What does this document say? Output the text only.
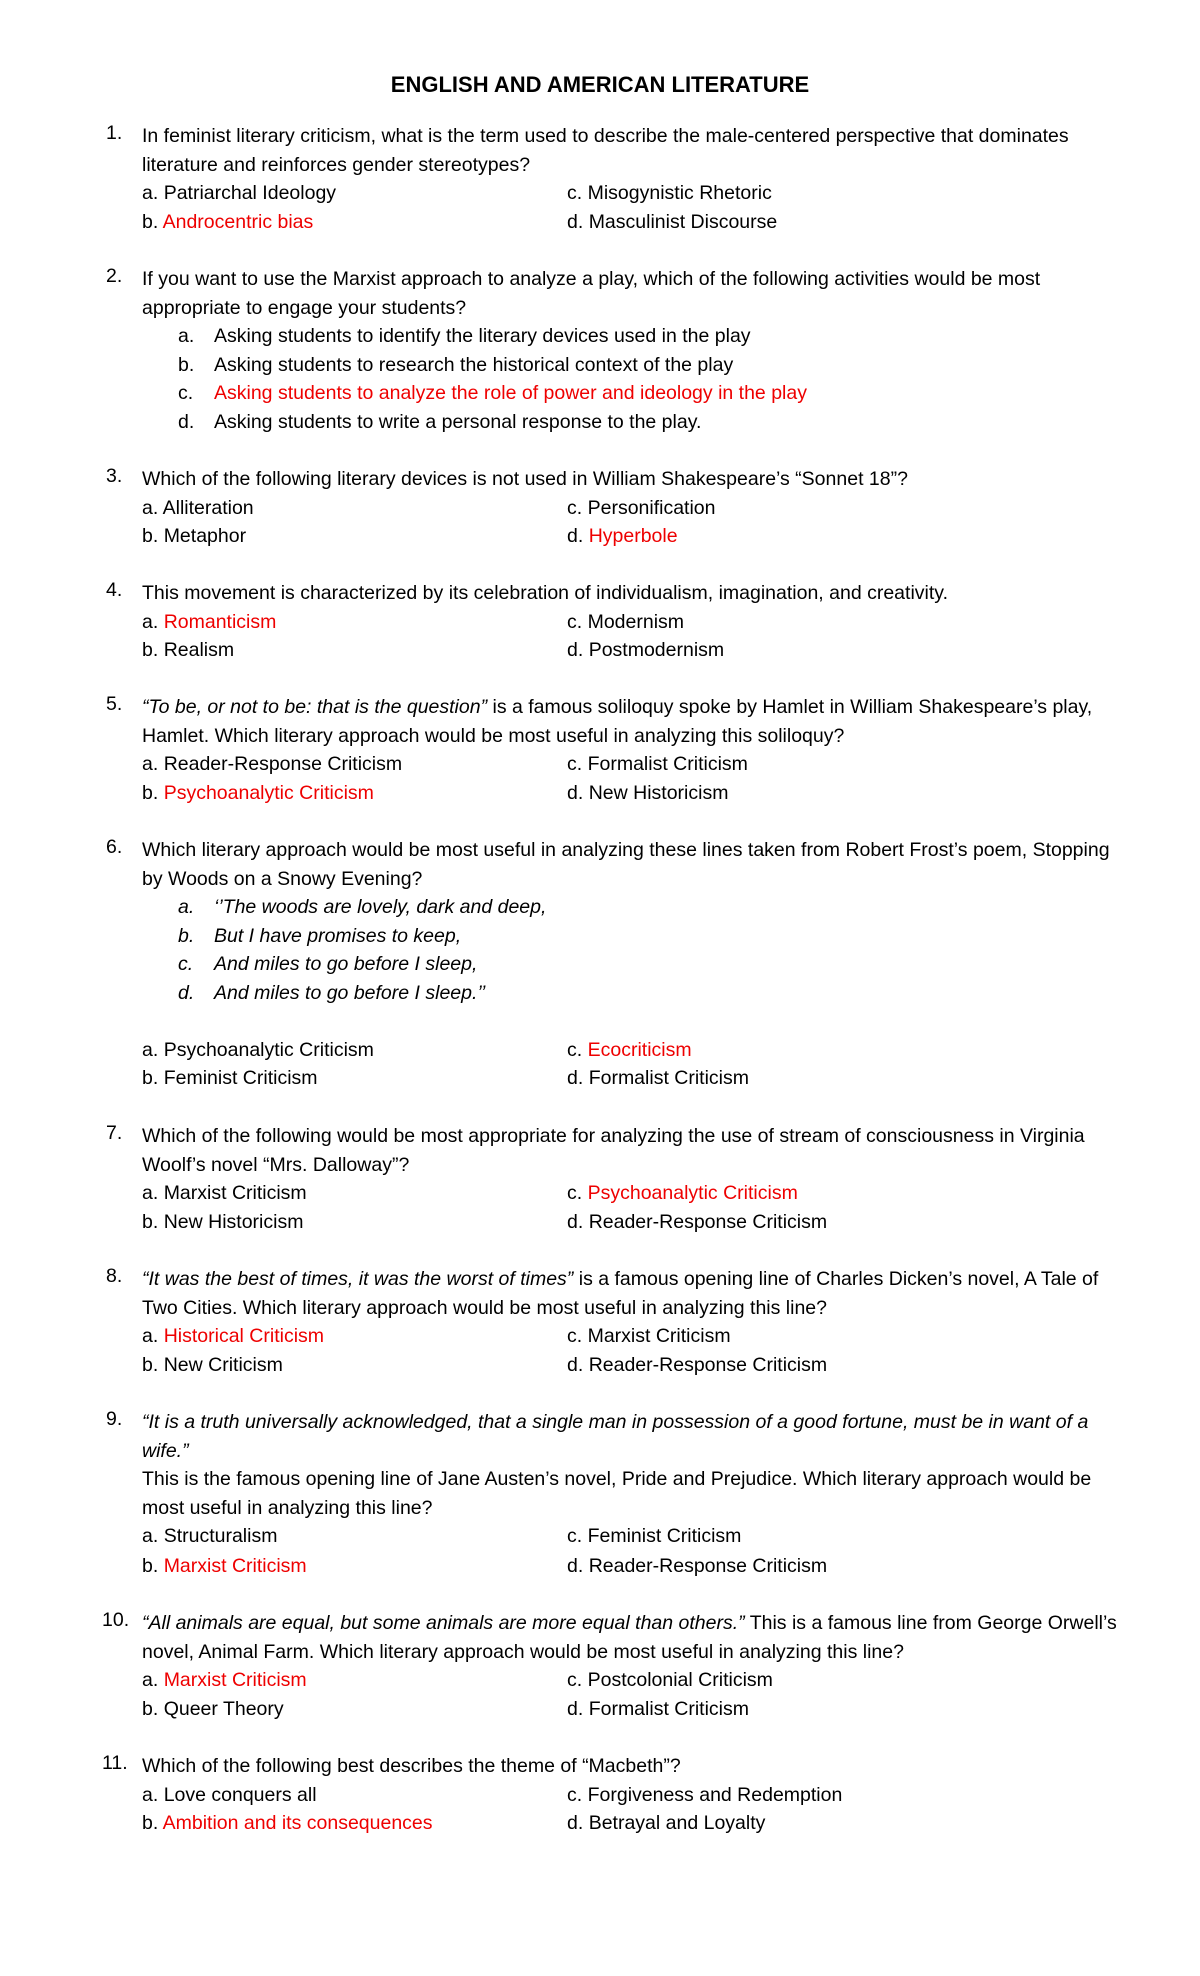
ENGLISH AND AMERICAN LITERATURE
1. In feminist literary criticism, what is the term used to describe the male-centered perspective that dominates literature and reinforces gender stereotypes?
a. Patriarchal Ideology
b. Androcentric bias
c. Misogynistic Rhetoric
d. Masculinist Discourse
2. If you want to use the Marxist approach to analyze a play, which of the following activities would be most appropriate to engage your students?
a. Asking students to identify the literary devices used in the play
b. Asking students to research the historical context of the play
c. Asking students to analyze the role of power and ideology in the play
d. Asking students to write a personal response to the play.
3. Which of the following literary devices is not used in William Shakespeare’s “Sonnet 18”?
a. Alliteration
b. Metaphor
c. Personification
d. Hyperbole
4. This movement is characterized by its celebration of individualism, imagination, and creativity.
a. Romanticism
b. Realism
c. Modernism
d. Postmodernism
5. “To be, or not to be: that is the question” is a famous soliloquy spoke by Hamlet in William Shakespeare’s play, Hamlet. Which literary approach would be most useful in analyzing this soliloquy?
a. Reader-Response Criticism
b. Psychoanalytic Criticism
c. Formalist Criticism
d. New Historicism
6. Which literary approach would be most useful in analyzing these lines taken from Robert Frost’s poem, Stopping by Woods on a Snowy Evening?
a. ‘’The woods are lovely, dark and deep,
b. But I have promises to keep,
c. And miles to go before I sleep,
d. And miles to go before I sleep.’’
a. Psychoanalytic Criticism
b. Feminist Criticism
c. Ecocriticism
d. Formalist Criticism
7. Which of the following would be most appropriate for analyzing the use of stream of consciousness in Virginia Woolf’s novel “Mrs. Dalloway”?
a. Marxist Criticism
b. New Historicism
c. Psychoanalytic Criticism
d. Reader-Response Criticism
8. “It was the best of times, it was the worst of times” is a famous opening line of Charles Dicken’s novel, A Tale of Two Cities. Which literary approach would be most useful in analyzing this line?
a. Historical Criticism
b. New Criticism
c. Marxist Criticism
d. Reader-Response Criticism
9. “It is a truth universally acknowledged, that a single man in possession of a good fortune, must be in want of a wife.”
This is the famous opening line of Jane Austen’s novel, Pride and Prejudice. Which literary approach would be most useful in analyzing this line?
a. Structuralism
b. Marxist Criticism
c. Feminist Criticism
d. Reader-Response Criticism
10. “All animals are equal, but some animals are more equal than others.” This is a famous line from George Orwell’s novel, Animal Farm. Which literary approach would be most useful in analyzing this line?
a. Marxist Criticism
b. Queer Theory
c. Postcolonial Criticism
d. Formalist Criticism
11. Which of the following best describes the theme of “Macbeth”?
a. Love conquers all
b. Ambition and its consequences
c. Forgiveness and Redemption
d. Betrayal and Loyalty
